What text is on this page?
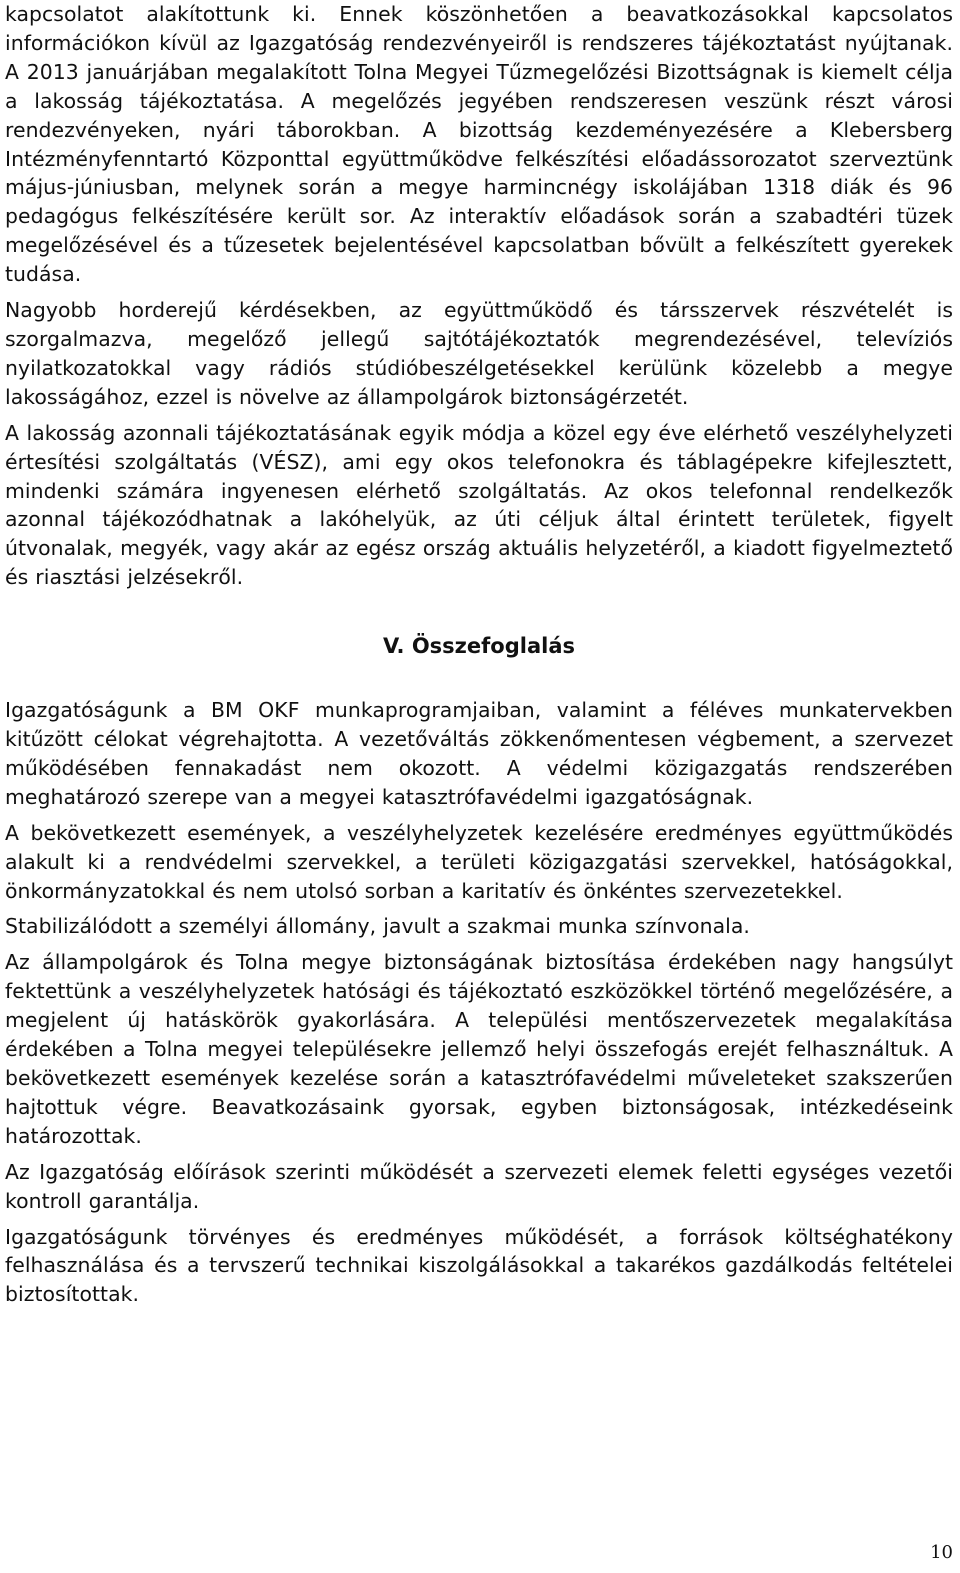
kapcsolatot alakítottunk ki. Ennek köszönhetően a beavatkozásokkal kapcsolatos információkon kívül az Igazgatóság rendezvényeiről is rendszeres tájékoztatást nyújtanak. A 2013 januárjában megalakított Tolna Megyei Tűzmegelőzési Bizottságnak is kiemelt célja a lakosság tájékoztatása. A megelőzés jegyében rendszeresen veszünk részt városi rendezvényeken, nyári táborokban. A bizottság kezdeményezésére a Klebersberg Intézményfenntartó Központtal együttműködve felkészítési előadássorozatot szerveztünk május-júniusban, melynek során a megye harmincnégy iskolájában 1318 diák és 96 pedagógus felkészítésére került sor. Az interaktív előadások során a szabadtéri tüzek megelőzésével és a tűzesetek bejelentésével kapcsolatban bővült a felkészített gyerekek tudása.

Nagyobb horderejű kérdésekben, az együttműködő és társszervek részvételét is szorgalmazva, megelőző jellegű sajtótájékoztatók megrendezésével, televíziós nyilatkozatokkal vagy rádiós stúdióbeszélgetésekkel kerülünk közelebb a megye lakosságához, ezzel is növelve az állampolgárok biztonságérzetét.

A lakosság azonnali tájékoztatásának egyik módja a közel egy éve elérhető veszélyhelyzeti értesítési szolgáltatás (VÉSZ), ami egy okos telefonokra és táblagépekre kifejlesztett, mindenki számára ingyenesen elérhető szolgáltatás. Az okos telefonnal rendelkezők azonnal tájékozódhatnak a lakóhelyük, az úti céljuk által érintett területek, figyelt útvonalak, megyék, vagy akár az egész ország aktuális helyzetéről, a kiadott figyelmeztető és riasztási jelzésekről.

V. Összefoglalás

Igazgatóságunk a BM OKF munkaprogramjaiban, valamint a féléves munkatervekben kitűzött célokat végrehajtotta. A vezetőváltás zökkenőmentesen végbement, a szervezet működésében fennakadást nem okozott. A védelmi közigazgatás rendszerében meghatározó szerepe van a megyei katasztrófavédelmi igazgatóságnak.

A bekövetkezett események, a veszélyhelyzetek kezelésére eredményes együttműködés alakult ki a rendvédelmi szervekkel, a területi közigazgatási szervekkel, hatóságokkal, önkormányzatokkal és nem utolsó sorban a karitatív és önkéntes szervezetekkel.

Stabilizálódott a személyi állomány, javult a szakmai munka színvonala.

Az állampolgárok és Tolna megye biztonságának biztosítása érdekében nagy hangsúlyt fektettünk a veszélyhelyzetek hatósági és tájékoztató eszközökkel történő megelőzésére, a megjelent új hatáskörök gyakorlására. A települési mentőszervezetek megalakítása érdekében a Tolna megyei településekre jellemző helyi összefogás erejét felhasználtuk. A bekövetkezett események kezelése során a katasztrófavédelmi műveleteket szakszerűen hajtottuk végre. Beavatkozásaink gyorsak, egyben biztonságosak, intézkedéseink határozottak.

Az Igazgatóság előírások szerinti működését a szervezeti elemek feletti egységes vezetői kontroll garantálja.

Igazgatóságunk törvényes és eredményes működését, a források költséghatékony felhasználása és a tervszerű technikai kiszolgálásokkal a takarékos gazdálkodás feltételei biztosítottak.

10
